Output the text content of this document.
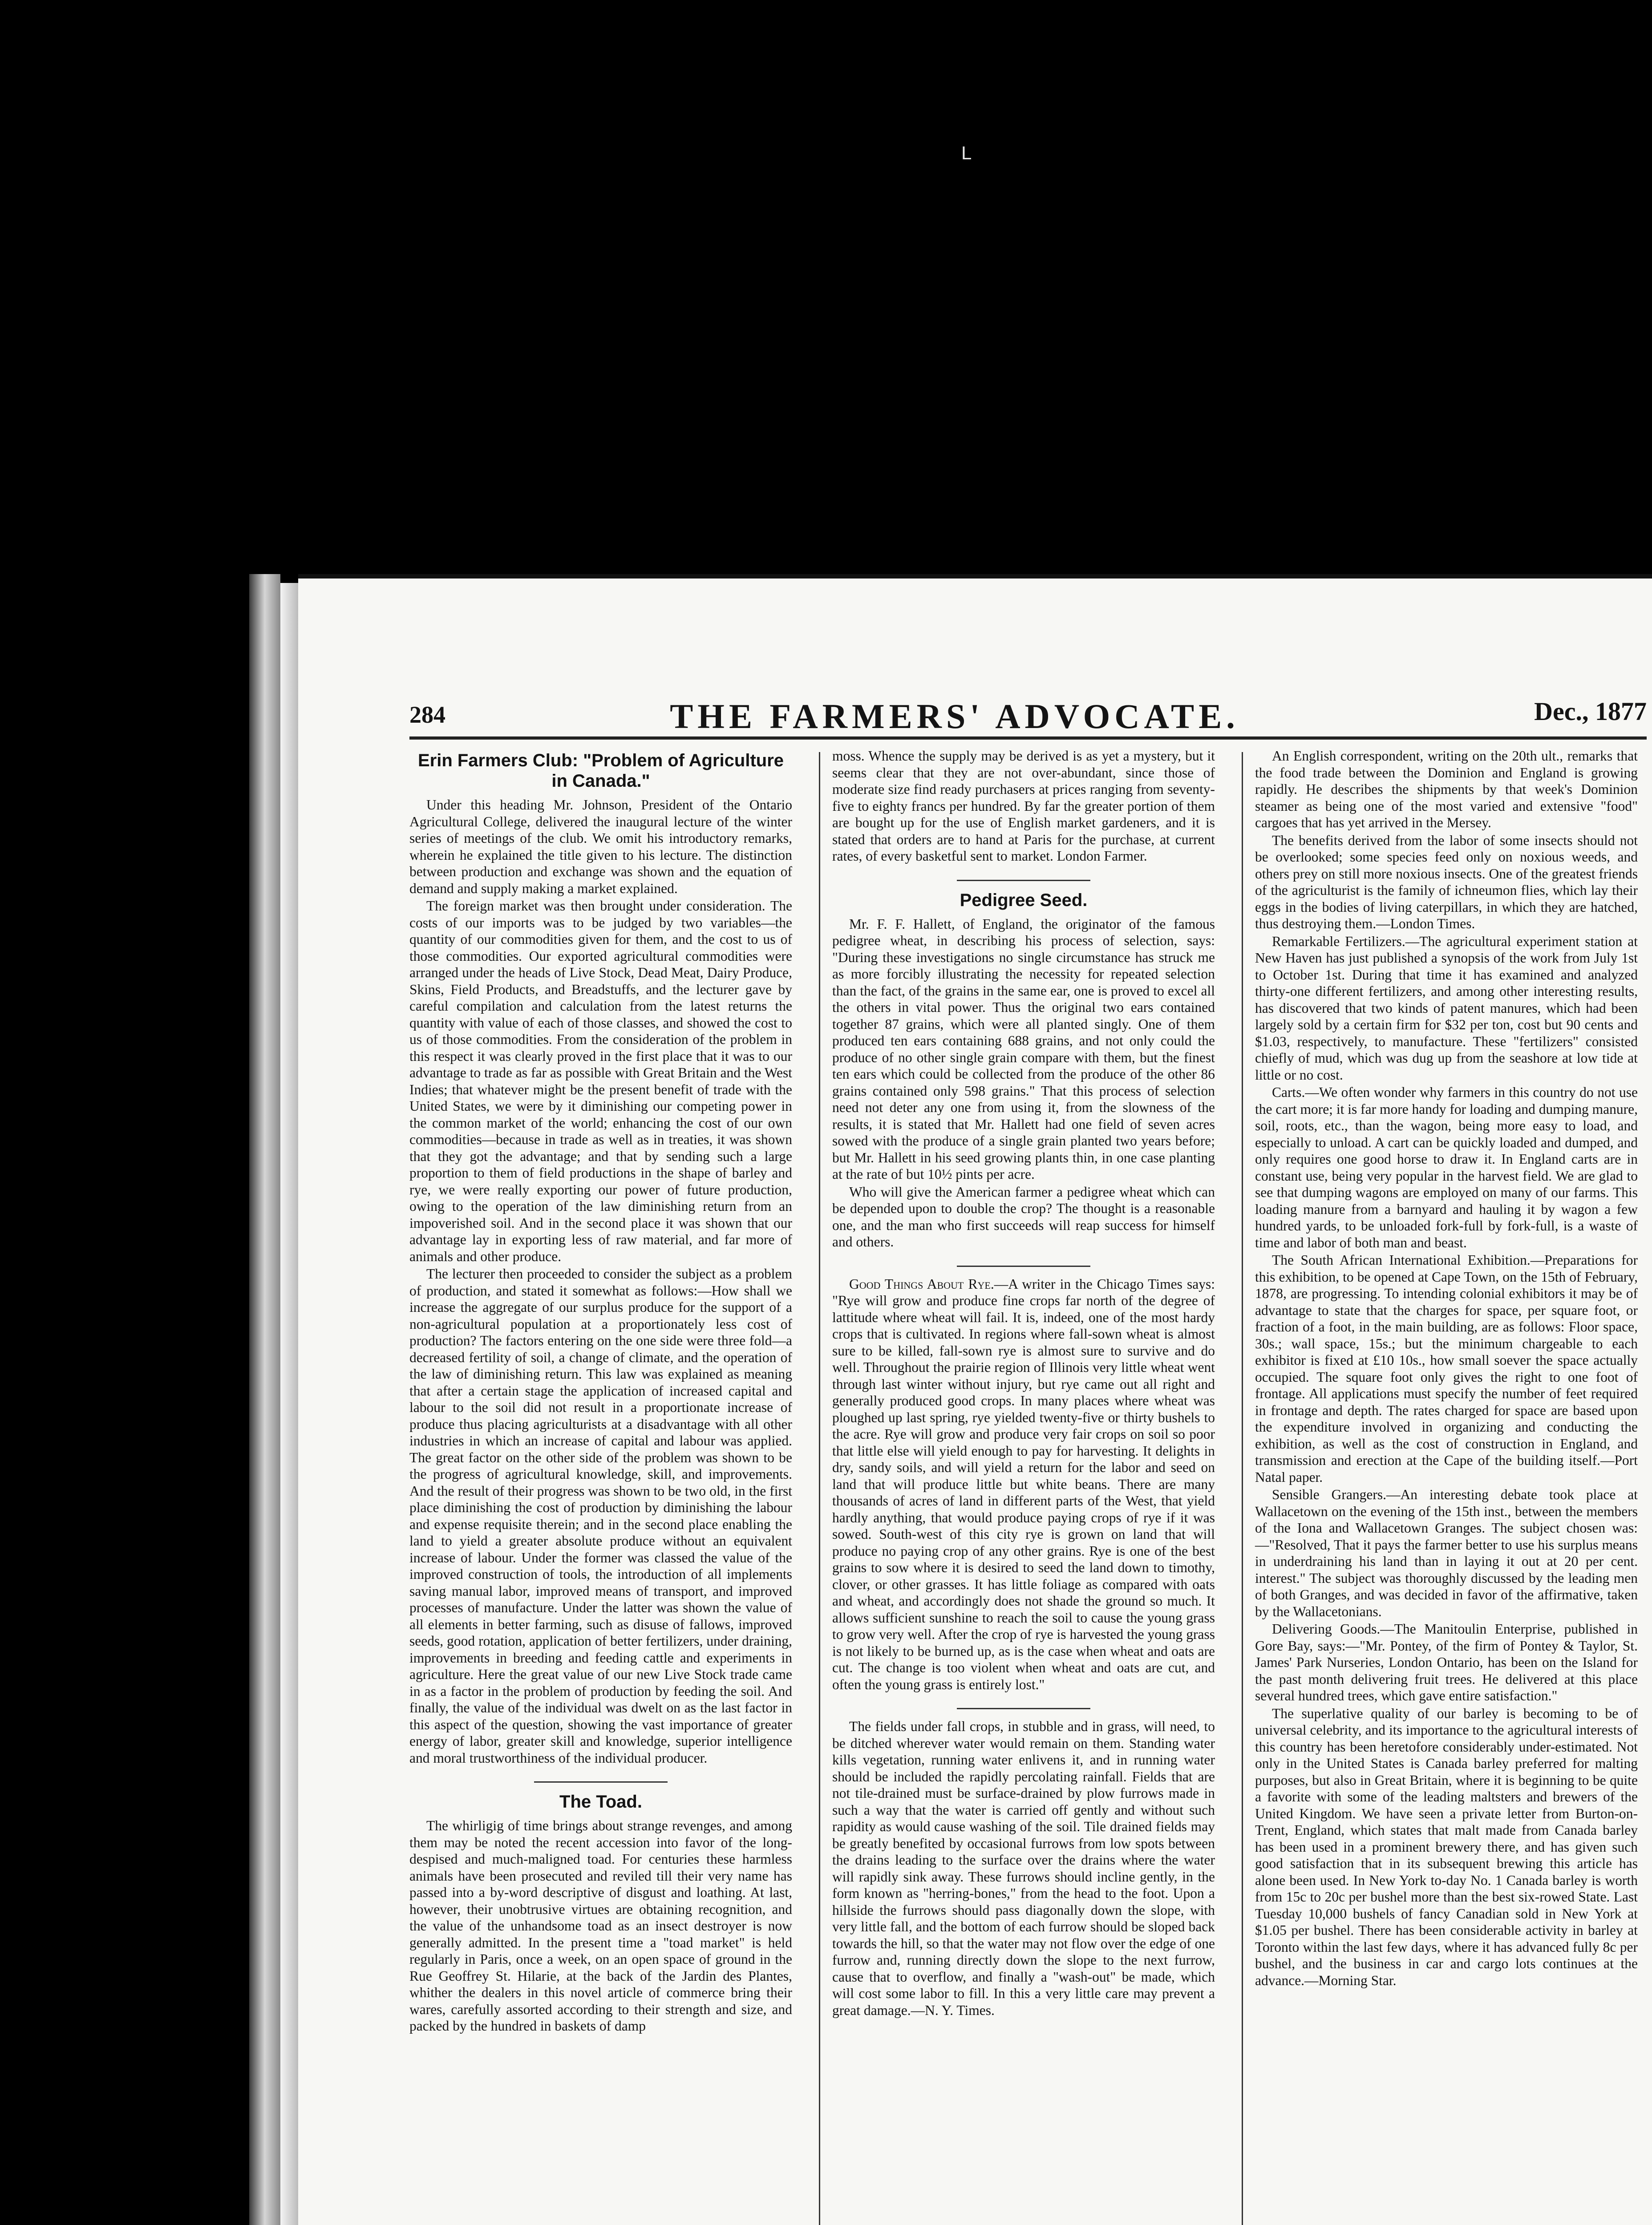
L
284	THE FARMERS' ADVOCATE.	Dec., 1877
Erin Farmers Club: "Problem of Agriculture in Canada."

Under this heading Mr. Johnson, President of the Ontario Agricultural College, delivered the inaugural lecture of the winter series of meetings of the club. We omit his introductory remarks, wherein he explained the title given to his lecture. The distinction between production and exchange was shown and the equation of demand and supply making a market explained.

The foreign market was then brought under consideration. The costs of our imports was to be judged by two variables—the quantity of our commodities given for them, and the cost to us of those commodities. Our exported agricultural commodities were arranged under the heads of Live Stock, Dead Meat, Dairy Produce, Skins, Field Products, and Breadstuffs, and the lecturer gave by careful compilation and calculation from the latest returns the quantity with value of each of those classes, and showed the cost to us of those commodities. From the consideration of the problem in this respect it was clearly proved in the first place that it was to our advantage to trade as far as possible with Great Britain and the West Indies; that whatever might be the present benefit of trade with the United States, we were by it diminishing our competing power in the common market of the world; enhancing the cost of our own commodities—because in trade as well as in treaties, it was shown that they got the advantage; and that by sending such a large proportion to them of field productions in the shape of barley and rye, we were really exporting our power of future production, owing to the operation of the law diminishing return from an impoverished soil. And in the second place it was shown that our advantage lay in exporting less of raw material, and far more of animals and other produce.

The lecturer then proceeded to consider the subject as a problem of production, and stated it somewhat as follows:—How shall we increase the aggregate of our surplus produce for the support of a non-agricultural population at a proportionately less cost of production? The factors entering on the one side were three fold—a decreased fertility of soil, a change of climate, and the operation of the law of diminishing return. This law was explained as meaning that after a certain stage the application of increased capital and labour to the soil did not result in a proportionate increase of produce thus placing agriculturists at a disadvantage with all other industries in which an increase of capital and labour was applied. The great factor on the other side of the problem was shown to be the progress of agricultural knowledge, skill, and improvements. And the result of their progress was shown to be two old, in the first place diminishing the cost of production by diminishing the labour and expense requisite therein; and in the second place enabling the land to yield a greater absolute produce without an equivalent increase of labour. Under the former was classed the value of the improved construction of tools, the introduction of all implements saving manual labor, improved means of transport, and improved processes of manufacture. Under the latter was shown the value of all elements in better farming, such as disuse of fallows, improved seeds, good rotation, application of better fertilizers, under draining, improvements in breeding and feeding cattle and experiments in agriculture. Here the great value of our new Live Stock trade came in as a factor in the problem of production by feeding the soil. And finally, the value of the individual was dwelt on as the last factor in this aspect of the question, showing the vast importance of greater energy of labor, greater skill and knowledge, superior intelligence and moral trustworthiness of the individual producer.

The Toad.

The whirligig of time brings about strange revenges, and among them may be noted the recent accession into favor of the long-despised and much-maligned toad. For centuries these harmless animals have been prosecuted and reviled till their very name has passed into a by-word descriptive of disgust and loathing. At last, however, their unobtrusive virtues are obtaining recognition, and the value of the unhandsome toad as an insect destroyer is now generally admitted. In the present time a "toad market" is held regularly in Paris, once a week, on an open space of ground in the Rue Geoffrey St. Hilarie, at the back of the Jardin des Plantes, whither the dealers in this novel article of commerce bring their wares, carefully assorted according to their strength and size, and packed by the hundred in baskets of damp

moss. Whence the supply may be derived is as yet a mystery, but it seems clear that they are not over-abundant, since those of moderate size find ready purchasers at prices ranging from seventy-five to eighty francs per hundred. By far the greater portion of them are bought up for the use of English market gardeners, and it is stated that orders are to hand at Paris for the purchase, at current rates, of every basketful sent to market. London Farmer.

Pedigree Seed.

Mr. F. F. Hallett, of England, the originator of the famous pedigree wheat, in describing his process of selection, says: "During these investigations no single circumstance has struck me as more forcibly illustrating the necessity for repeated selection than the fact, of the grains in the same ear, one is proved to excel all the others in vital power. Thus the original two ears contained together 87 grains, which were all planted singly. One of them produced ten ears containing 688 grains, and not only could the produce of no other single grain compare with them, but the finest ten ears which could be collected from the produce of the other 86 grains contained only 598 grains." That this process of selection need not deter any one from using it, from the slowness of the results, it is stated that Mr. Hallett had one field of seven acres sowed with the produce of a single grain planted two years before; but Mr. Hallett in his seed growing plants thin, in one case planting at the rate of but 10½ pints per acre.

Who will give the American farmer a pedigree wheat which can be depended upon to double the crop? The thought is a reasonable one, and the man who first succeeds will reap success for himself and others.

Good Things About Rye.—A writer in the Chicago Times says: "Rye will grow and produce fine crops far north of the degree of lattitude where wheat will fail. It is, indeed, one of the most hardy crops that is cultivated. In regions where fall-sown wheat is almost sure to be killed, fall-sown rye is almost sure to survive and do well. Throughout the prairie region of Illinois very little wheat went through last winter without injury, but rye came out all right and generally produced good crops. In many places where wheat was ploughed up last spring, rye yielded twenty-five or thirty bushels to the acre. Rye will grow and produce very fair crops on soil so poor that little else will yield enough to pay for harvesting. It delights in dry, sandy soils, and will yield a return for the labor and seed on land that will produce little but white beans. There are many thousands of acres of land in different parts of the West, that yield hardly anything, that would produce paying crops of rye if it was sowed. South-west of this city rye is grown on land that will produce no paying crop of any other grains. Rye is one of the best grains to sow where it is desired to seed the land down to timothy, clover, or other grasses. It has little foliage as compared with oats and wheat, and accordingly does not shade the ground so much. It allows sufficient sunshine to reach the soil to cause the young grass to grow very well. After the crop of rye is harvested the young grass is not likely to be burned up, as is the case when wheat and oats are cut. The change is too violent when wheat and oats are cut, and often the young grass is entirely lost."

The fields under fall crops, in stubble and in grass, will need, to be ditched wherever water would remain on them. Standing water kills vegetation, running water enlivens it, and in running water should be included the rapidly percolating rainfall. Fields that are not tile-drained must be surface-drained by plow furrows made in such a way that the water is carried off gently and without such rapidity as would cause washing of the soil. Tile drained fields may be greatly benefited by occasional furrows from low spots between the drains leading to the surface over the drains where the water will rapidly sink away. These furrows should incline gently, in the form known as "herring-bones," from the head to the foot. Upon a hillside the furrows should pass diagonally down the slope, with very little fall, and the bottom of each furrow should be sloped back towards the hill, so that the water may not flow over the edge of one furrow and, running directly down the slope to the next furrow, cause that to overflow, and finally a "wash-out" be made, which will cost some labor to fill. In this a very little care may prevent a great damage.—N. Y. Times.

An English correspondent, writing on the 20th ult., remarks that the food trade between the Dominion and England is growing rapidly. He describes the shipments by that week's Dominion steamer as being one of the most varied and extensive "food" cargoes that has yet arrived in the Mersey.

The benefits derived from the labor of some insects should not be overlooked; some species feed only on noxious weeds, and others prey on still more noxious insects. One of the greatest friends of the agriculturist is the family of ichneumon flies, which lay their eggs in the bodies of living caterpillars, in which they are hatched, thus destroying them.—London Times.

Remarkable Fertilizers.—The agricultural experiment station at New Haven has just published a synopsis of the work from July 1st to October 1st. During that time it has examined and analyzed thirty-one different fertilizers, and among other interesting results, has discovered that two kinds of patent manures, which had been largely sold by a certain firm for $32 per ton, cost but 90 cents and $1.03, respectively, to manufacture. These "fertilizers" consisted chiefly of mud, which was dug up from the seashore at low tide at little or no cost.

Carts.—We often wonder why farmers in this country do not use the cart more; it is far more handy for loading and dumping manure, soil, roots, etc., than the wagon, being more easy to load, and especially to unload. A cart can be quickly loaded and dumped, and only requires one good horse to draw it. In England carts are in constant use, being very popular in the harvest field. We are glad to see that dumping wagons are employed on many of our farms. This loading manure from a barnyard and hauling it by wagon a few hundred yards, to be unloaded fork-full by fork-full, is a waste of time and labor of both man and beast.

The South African International Exhibition.—Preparations for this exhibition, to be opened at Cape Town, on the 15th of February, 1878, are progressing. To intending colonial exhibitors it may be of advantage to state that the charges for space, per square foot, or fraction of a foot, in the main building, are as follows: Floor space, 30s.; wall space, 15s.; but the minimum chargeable to each exhibitor is fixed at £10 10s., how small soever the space actually occupied. The square foot only gives the right to one foot of frontage. All applications must specify the number of feet required in frontage and depth. The rates charged for space are based upon the expenditure involved in organizing and conducting the exhibition, as well as the cost of construction in England, and transmission and erection at the Cape of the building itself.—Port Natal paper.

Sensible Grangers.—An interesting debate took place at Wallacetown on the evening of the 15th inst., between the members of the Iona and Wallacetown Granges. The subject chosen was:—"Resolved, That it pays the farmer better to use his surplus means in underdraining his land than in laying it out at 20 per cent. interest." The subject was thoroughly discussed by the leading men of both Granges, and was decided in favor of the affirmative, taken by the Wallacetonians.

Delivering Goods.—The Manitoulin Enterprise, published in Gore Bay, says:—"Mr. Pontey, of the firm of Pontey & Taylor, St. James' Park Nurseries, London Ontario, has been on the Island for the past month delivering fruit trees. He delivered at this place several hundred trees, which gave entire satisfaction."

The superlative quality of our barley is becoming to be of universal celebrity, and its importance to the agricultural interests of this country has been heretofore considerably under-estimated. Not only in the United States is Canada barley preferred for malting purposes, but also in Great Britain, where it is beginning to be quite a favorite with some of the leading maltsters and brewers of the United Kingdom. We have seen a private letter from Burton-on-Trent, England, which states that malt made from Canada barley has been used in a prominent brewery there, and has given such good satisfaction that in its subsequent brewing this article has alone been used. In New York to-day No. 1 Canada barley is worth from 15c to 20c per bushel more than the best six-rowed State. Last Tuesday 10,000 bushels of fancy Canadian sold in New York at $1.05 per bushel. There has been considerable activity in barley at Toronto within the last few days, where it has advanced fully 8c per bushel, and the business in car and cargo lots continues at the advance.—Morning Star.
